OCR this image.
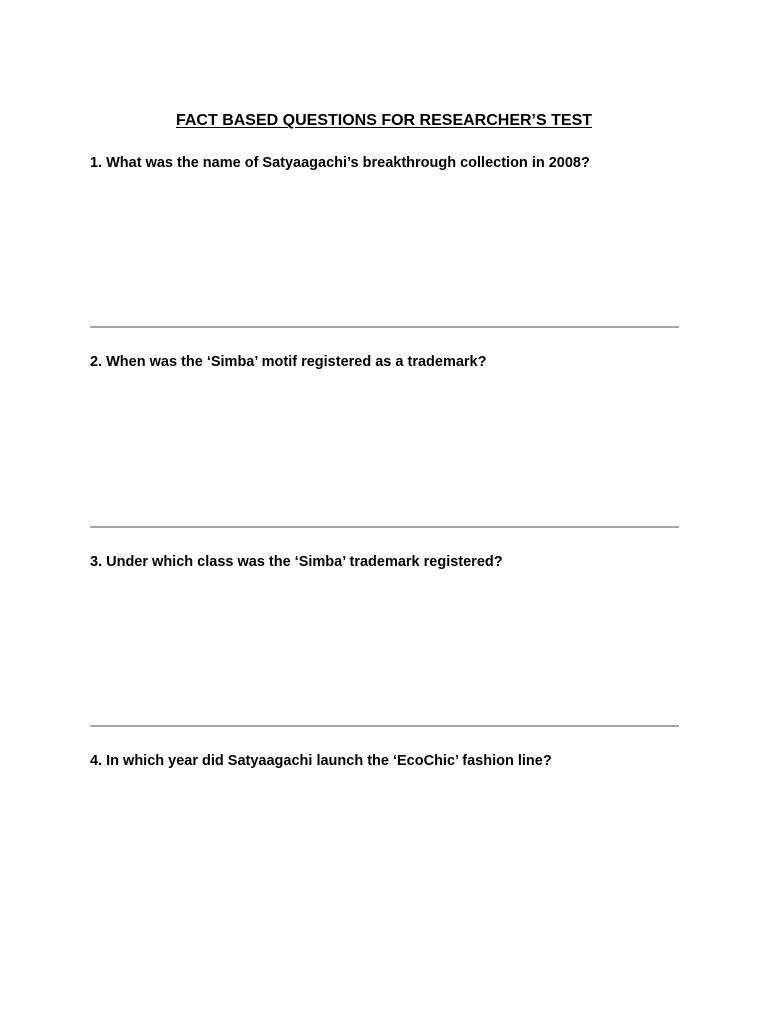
FACT BASED QUESTIONS FOR RESEARCHER’S TEST
1. What was the name of Satyaagachi’s breakthrough collection in 2008?
2. When was the ‘Simba’ motif registered as a trademark?
3. Under which class was the ‘Simba’ trademark registered?
4. In which year did Satyaagachi launch the ‘EcoChic’ fashion line?
